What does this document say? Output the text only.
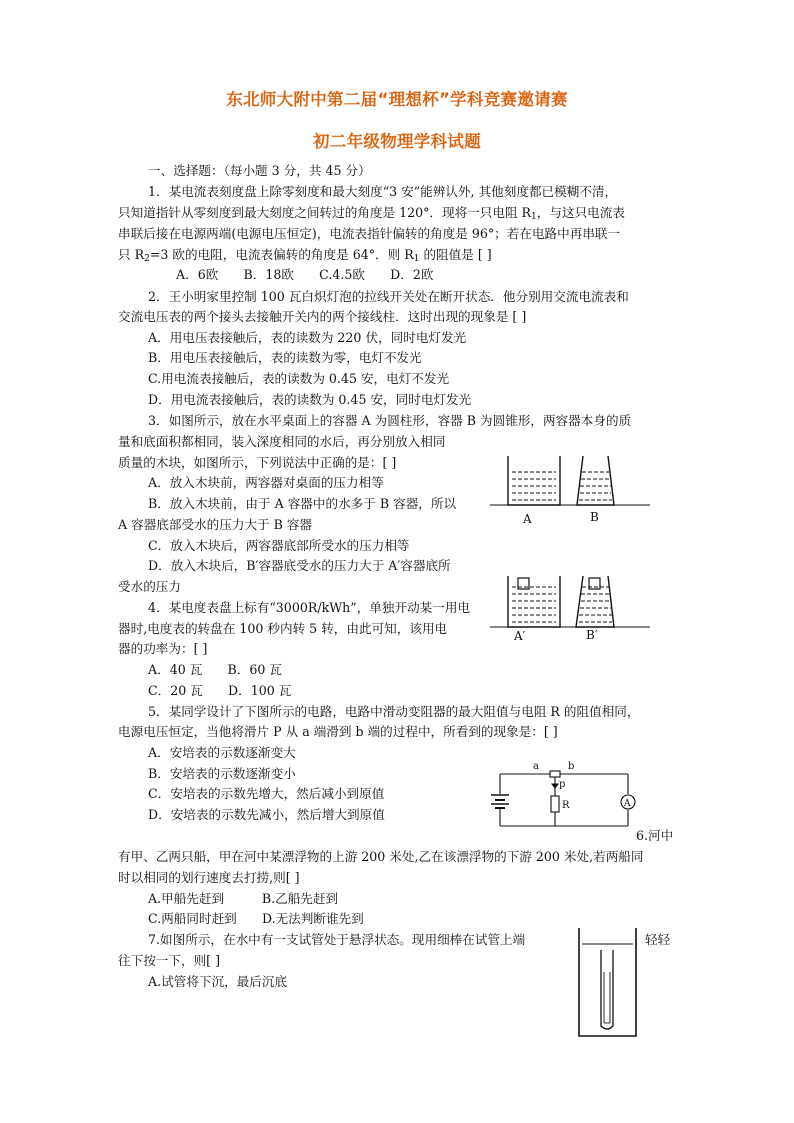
东北师大附中第二届“理想杯”学科竞赛邀请赛
初二年级物理学科试题
一、选择题：（每小题 3 分，共 45 分）
1．某电流表刻度盘上除零刻度和最大刻度“3 安”能辨认外, 其他刻度都已模糊不清，
只知道指针从零刻度到最大刻度之间转过的角度是 120°．现将一只电阻 $R_1$，与这只电流表
串联后接在电源两端(电源电压恒定)，电流表指针偏转的角度是 96°；若在电路中再串联一
只 $R_2=3$ 欧的电阻，电流表偏转的角度是 64°．则 $R_1$ 的阻值是 [ ]
A．6欧　　B．18欧　　C.4.5欧　　D．2欧
2．王小明家里控制 100 瓦白炽灯泡的拉线开关处在断开状态．他分别用交流电流表和
交流电压表的两个接头去接触开关内的两个接线柱．这时出现的现象是 [ ]
A．用电压表接触后，表的读数为 220 伏，同时电灯发光
B．用电压表接触后，表的读数为零，电灯不发光
C.用电流表接触后，表的读数为 0.45 安，电灯不发光
D．用电流表接触后，表的读数为 0.45 安，同时电灯发光
3．如图所示，放在水平桌面上的容器 A 为圆柱形，容器 B 为圆锥形，两容器本身的质
量和底面积都相同，装入深度相同的水后，再分别放入相同
质量的木块，如图所示，下列说法中正确的是：[ ]
A．放入木块前，两容器对桌面的压力相等
B．放入木块前，由于 A 容器中的水多于 B 容器，所以
A 容器底部受水的压力大于 B 容器
C．放入木块后，两容器底部所受水的压力相等
D．放入木块后，B′容器底受水的压力大于 A′容器底所
受水的压力
A	B
A′	B′
4．某电度表盘上标有“3000R/kWh”，单独开动某一用电
器时,电度表的转盘在 100 秒内转 5 转，由此可知，该用电
器的功率为：[ ]
A．40 瓦　　B．60 瓦
C．20 瓦　　D．100 瓦
5．某同学设计了下图所示的电路，电路中滑动变阻器的最大阻值与电阻 R 的阻值相同，
电源电压恒定，当他将滑片 P 从 a 端滑到 b 端的过程中，所看到的现象是：[ ]
A．安培表的示数逐渐变大
B．安培表的示数逐渐变小
C．安培表的示数先增大，然后减小到原值
D．安培表的示数先减小，然后增大到原值
a	b
p
R	A
6.河中
有甲、乙两只船，甲在河中某漂浮物的上游 200 米处,乙在该漂浮物的下游 200 米处,若两船同
时以相同的划行速度去打捞,则[ ]
A.甲船先赶到　　　B.乙船先赶到
C.两船同时赶到　　D.无法判断谁先到
7.如图所示，在水中有一支试管处于悬浮状态。现用细棒在试管上端	轻轻
往下按一下，则[ ]
A.试管将下沉，最后沉底
